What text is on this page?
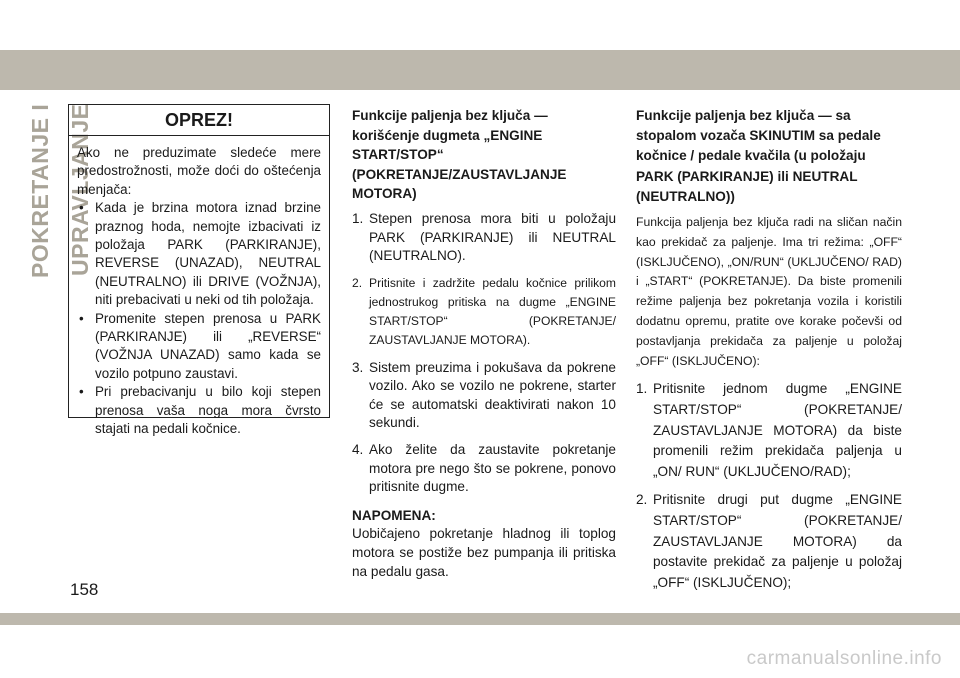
POKRETANJE I UPRAVLJANJE	OPREZ!
Ako ne preduzimate sledeće mere predostrožnosti, može doći do oštećenja menjača:
• Kada je brzina motora iznad brzine praznog hoda, nemojte izbacivati iz položaja PARK (PARKIRANJE), REVERSE (UNAZAD), NEUTRAL (NEUTRALNO) ili DRIVE (VOŽNJA), niti prebacivati u neki od tih položaja.
• Promenite stepen prenosa u PARK (PARKIRANJE) ili „REVERSE“ (VOŽNJA UNAZAD) samo kada se vozilo potpuno zaustavi.
• Pri prebacivanju u bilo koji stepen prenosa vaša noga mora čvrsto stajati na pedali kočnice.
Funkcije paljenja bez ključa — korišćenje dugmeta „ENGINE START/STOP“ (POKRETANJE/ZAUSTAVLJANJE MOTORA)
1. Stepen prenosa mora biti u položaju PARK (PARKIRANJE) ili NEUTRAL (NEUTRALNO).
2. Pritisnite i zadržite pedalu kočnice prilikom jednostrukog pritiska na dugme „ENGINE START/STOP“ (POKRETANJE/ ZAUSTAVLJANJE MOTORA).
3. Sistem preuzima i pokušava da pokrene vozilo. Ako se vozilo ne pokrene, starter će se automatski deaktivirati nakon 10 sekundi.
4. Ako želite da zaustavite pokretanje motora pre nego što se pokrene, ponovo pritisnite dugme.
NAPOMENA:
Uobičajeno pokretanje hladnog ili toplog motora se postiže bez pumpanja ili pritiska na pedalu gasa.
Funkcije paljenja bez ključa — sa stopalom vozača SKINUTIM sa pedale kočnice / pedale kvačila (u položaju PARK (PARKIRANJE) ili NEUTRAL (NEUTRALNO))
Funkcija paljenja bez ključa radi na sličan način kao prekidač za paljenje. Ima tri režima: „OFF“ (ISKLJUČENO), „ON/RUN“ (UKLJUČENO/ RAD) i „START“ (POKRETANJE). Da biste promenili režime paljenja bez pokretanja vozila i koristili dodatnu opremu, pratite ove korake počevši od postavljanja prekidača za paljenje u položaj „OFF“ (ISKLJUČENO):
1. Pritisnite jednom dugme „ENGINE START/STOP“ (POKRETANJE/ ZAUSTAVLJANJE MOTORA) da biste promenili režim prekidača paljenja u „ON/ RUN“ (UKLJUČENO/RAD);
2. Pritisnite drugi put dugme „ENGINE START/STOP“ (POKRETANJE/ ZAUSTAVLJANJE MOTORA) da postavite prekidač za paljenje u položaj „OFF“ (ISKLJUČENO);
158
carmanualsonline.info
